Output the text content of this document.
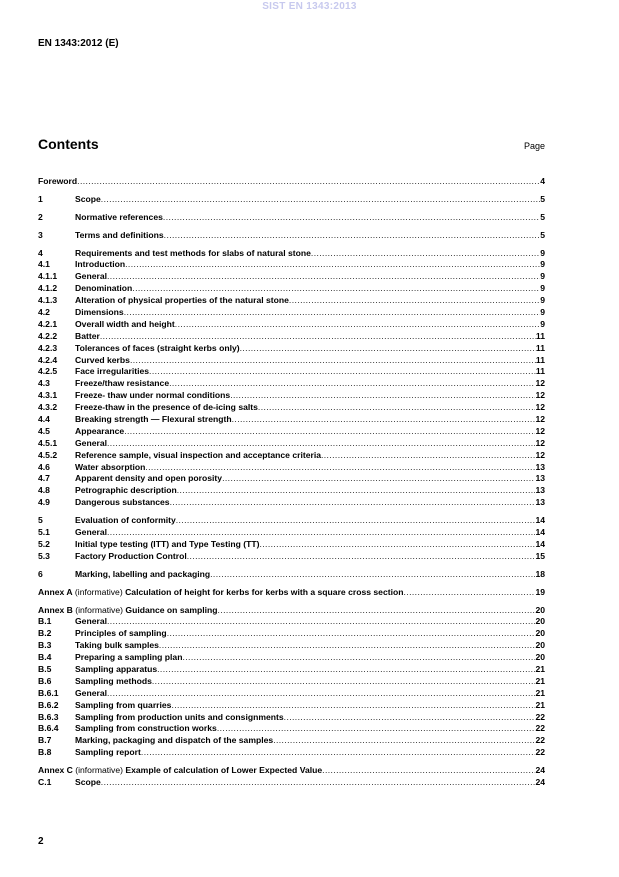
SIST EN 1343:2013
EN 1343:2012 (E)
Contents	Page
Foreword .....	4
1	Scope .....	5
2	Normative references .....	5
3	Terms and definitions .....	5
4	Requirements and test methods for slabs of natural stone .....	9
4.1	Introduction .....	9
4.1.1	General .....	9
4.1.2	Denomination .....	9
4.1.3	Alteration of physical properties of the natural stone .....	9
4.2	Dimensions .....	9
4.2.1	Overall width and height .....	9
4.2.2	Batter .....	11
4.2.3	Tolerances of faces (straight kerbs only) .....	11
4.2.4	Curved kerbs .....	11
4.2.5	Face irregularities .....	11
4.3	Freeze/thaw resistance .....	12
4.3.1	Freeze- thaw under normal conditions .....	12
4.3.2	Freeze-thaw in the presence of de-icing salts .....	12
4.4	Breaking strength — Flexural strength .....	12
4.5	Appearance .....	12
4.5.1	General .....	12
4.5.2	Reference sample, visual inspection and acceptance criteria .....	12
4.6	Water absorption .....	13
4.7	Apparent density and open porosity .....	13
4.8	Petrographic description .....	13
4.9	Dangerous substances .....	13
5	Evaluation of conformity .....	14
5.1	General .....	14
5.2	Initial type testing (ITT) and Type Testing (TT) .....	14
5.3	Factory Production Control .....	15
6	Marking, labelling and packaging .....	18
Annex A (informative) Calculation of height for kerbs for kerbs with a square cross section .....	19
Annex B (informative) Guidance on sampling .....	20
B.1	General .....	20
B.2	Principles of sampling .....	20
B.3	Taking bulk samples .....	20
B.4	Preparing a sampling plan .....	20
B.5	Sampling apparatus .....	21
B.6	Sampling methods .....	21
B.6.1	General .....	21
B.6.2	Sampling from quarries .....	21
B.6.3	Sampling from production units and consignments .....	22
B.6.4	Sampling from construction works .....	22
B.7	Marking, packaging and dispatch of the samples .....	22
B.8	Sampling report .....	22
Annex C (informative) Example of calculation of Lower Expected Value .....	24
C.1	Scope .....	24
2
